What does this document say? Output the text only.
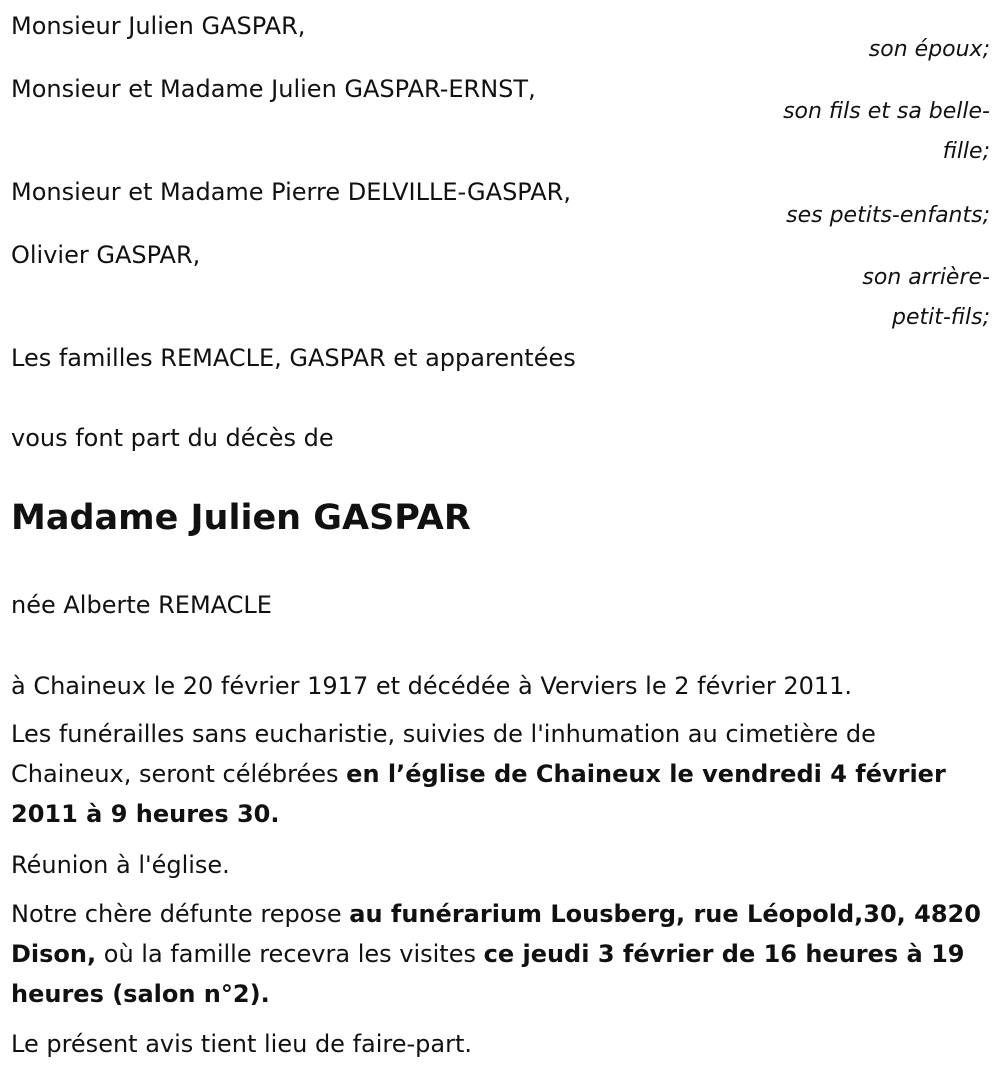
Monsieur Julien GASPAR,

son époux;

Monsieur et Madame Julien GASPAR-ERNST,

son fils et sa belle-fille;

Monsieur et Madame Pierre DELVILLE-GASPAR,

ses petits-enfants;

Olivier GASPAR,

son arrière-petit-fils;

Les familles REMACLE, GASPAR et apparentées

vous font part du décès de

Madame Julien GASPAR

née Alberte REMACLE

à Chaineux le 20 février 1917 et décédée à Verviers le 2 février 2011.

Les funérailles sans eucharistie, suivies de l'inhumation au cimetière de Chaineux, seront célébrées en l’église de Chaineux le vendredi 4 février 2011 à 9 heures 30.

Réunion à l'église.

Notre chère défunte repose au funérarium Lousberg, rue Léopold,30, 4820 Dison, où la famille recevra les visites ce jeudi 3 février de 16 heures à 19 heures (salon n°2).

Le présent avis tient lieu de faire-part.
